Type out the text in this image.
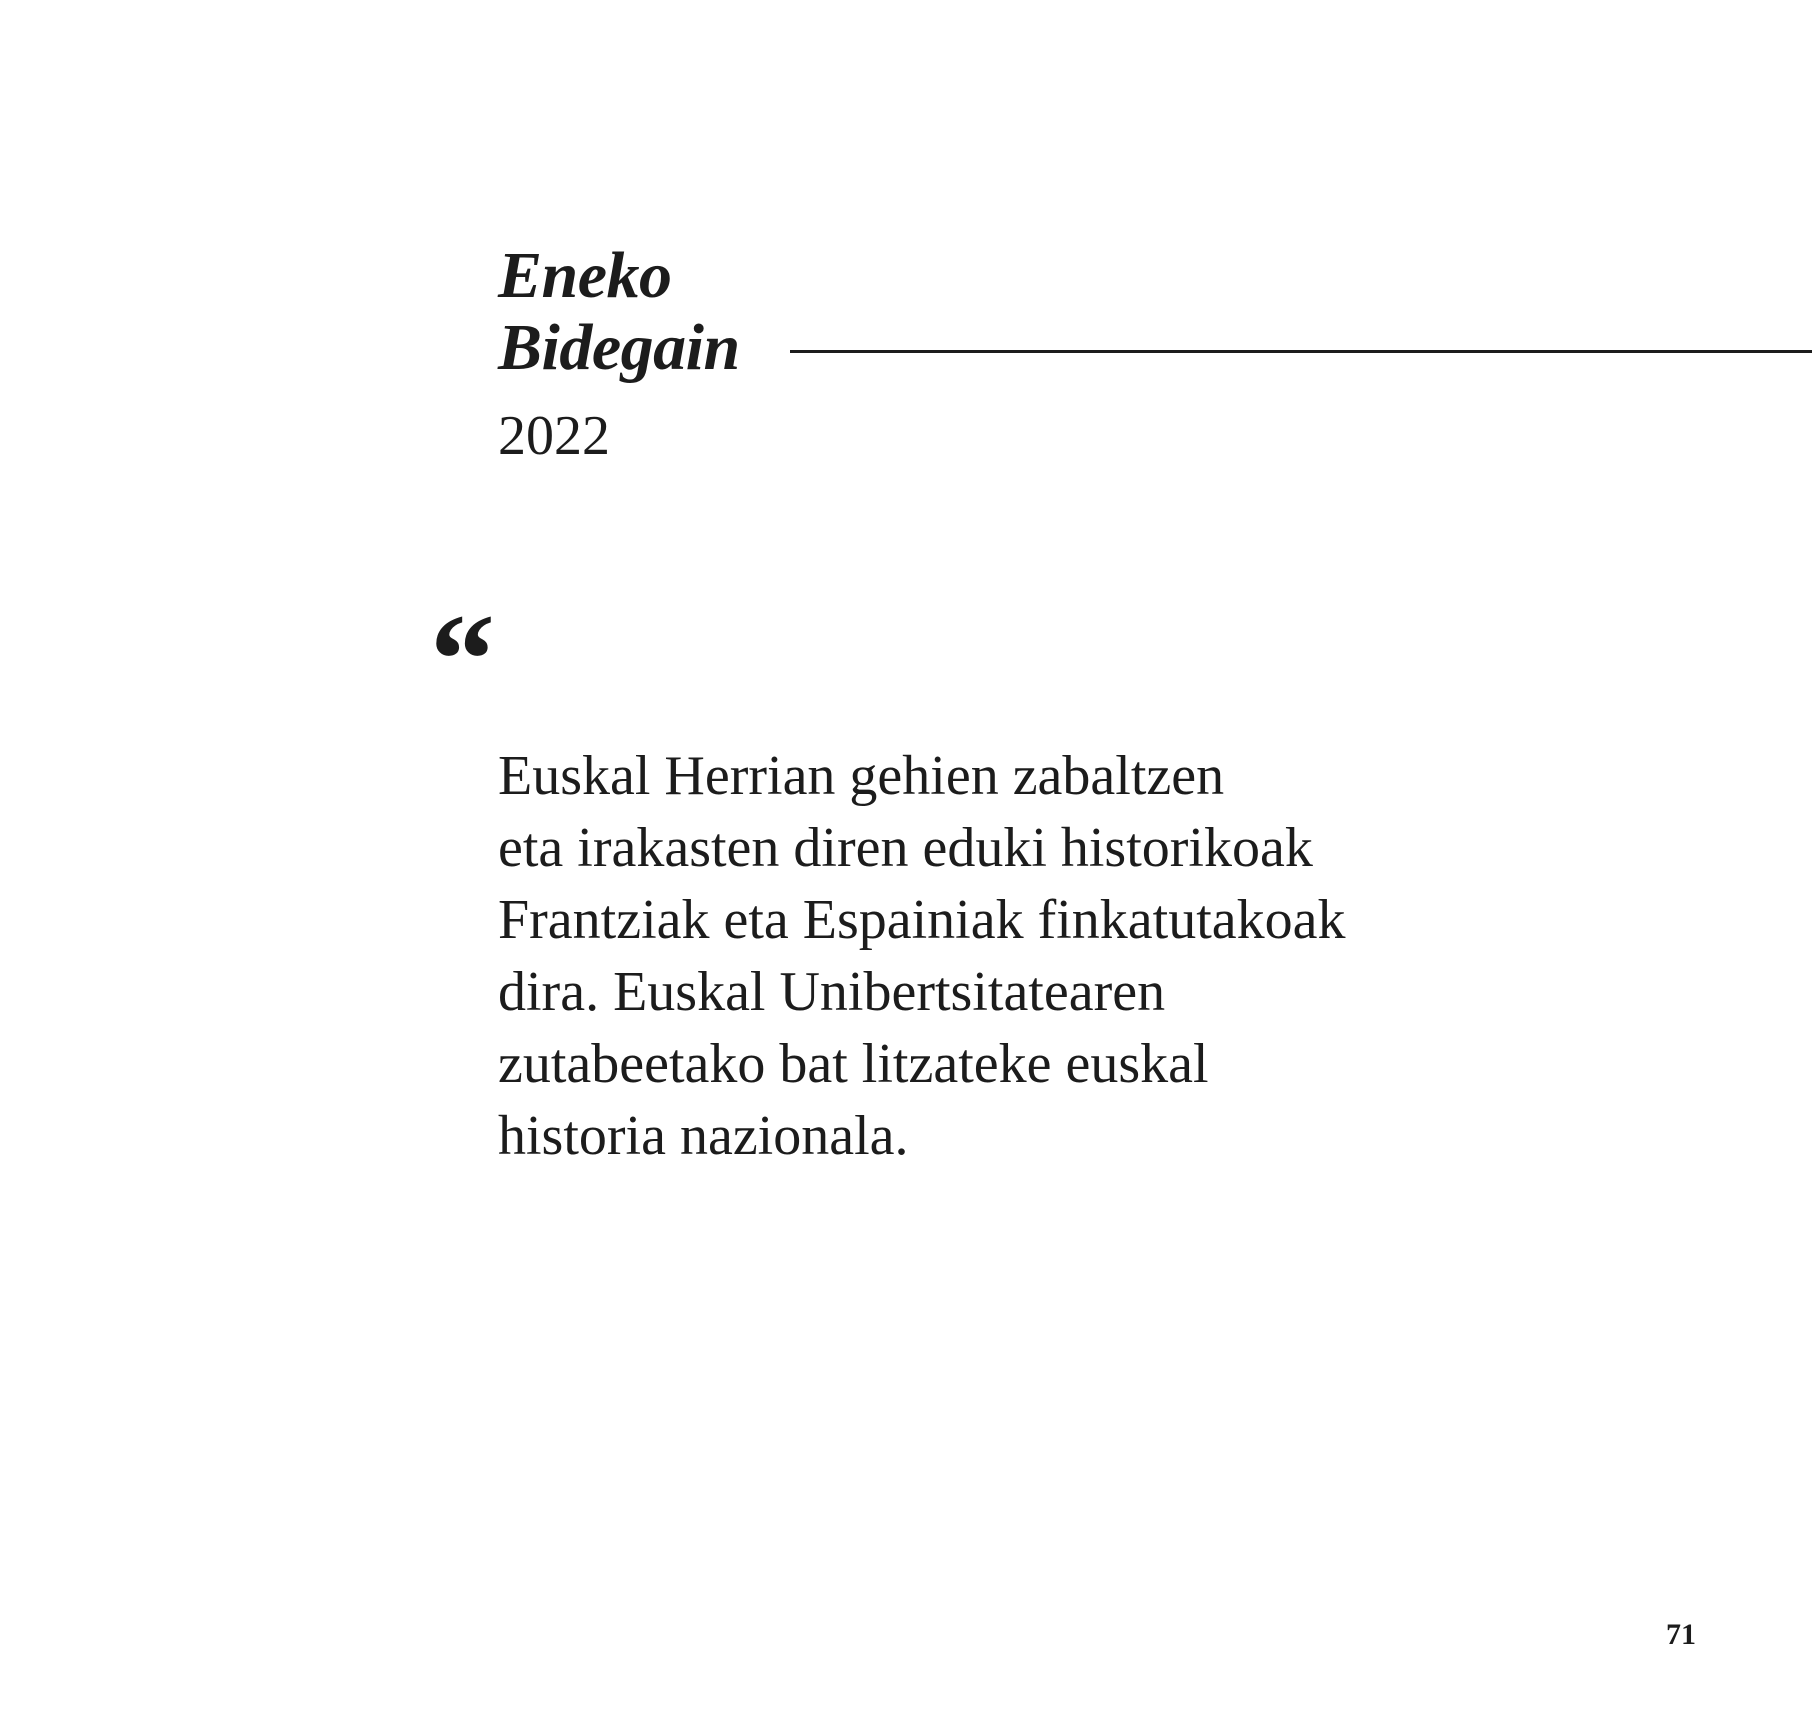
Eneko
Bidegain
2022
“
Euskal Herrian gehien zabaltzen
eta irakasten diren eduki historikoak
Frantziak eta Espainiak finkatutakoak
dira. Euskal Unibertsitatearen
zutabeetako bat litzateke euskal
historia nazionala.
71
